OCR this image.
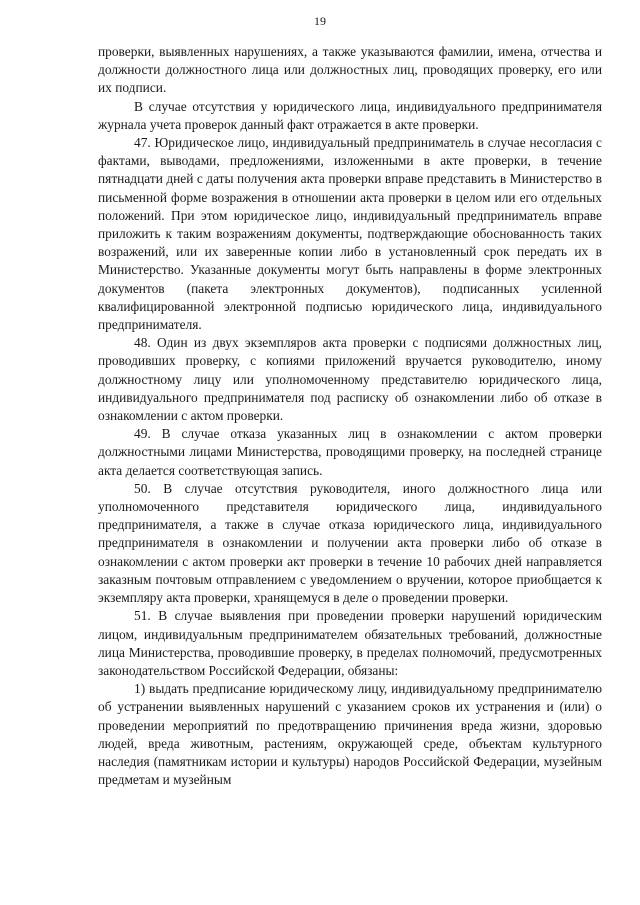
19

проверки, выявленных нарушениях, а также указываются фамилии, имена, отчества и должности должностного лица или должностных лиц, проводящих проверку, его или их подписи.

В случае отсутствия у юридического лица, индивидуального предпринимателя журнала учета проверок данный факт отражается в акте проверки.

47. Юридическое лицо, индивидуальный предприниматель в случае несогласия с фактами, выводами, предложениями, изложенными в акте проверки, в течение пятнадцати дней с даты получения акта проверки вправе представить в Министерство в письменной форме возражения в отношении акта проверки в целом или его отдельных положений. При этом юридическое лицо, индивидуальный предприниматель вправе приложить к таким возражениям документы, подтверждающие обоснованность таких возражений, или их заверенные копии либо в установленный срок передать их в Министерство. Указанные документы могут быть направлены в форме электронных документов (пакета электронных документов), подписанных усиленной квалифицированной электронной подписью юридического лица, индивидуального предпринимателя.

48. Один из двух экземпляров акта проверки с подписями должностных лиц, проводивших проверку, с копиями приложений вручается руководителю, иному должностному лицу или уполномоченному представителю юридического лица, индивидуального предпринимателя под расписку об ознакомлении либо об отказе в ознакомлении с актом проверки.

49. В случае отказа указанных лиц в ознакомлении с актом проверки должностными лицами Министерства, проводящими проверку, на последней странице акта делается соответствующая запись.

50. В случае отсутствия руководителя, иного должностного лица или уполномоченного представителя юридического лица, индивидуального предпринимателя, а также в случае отказа юридического лица, индивидуального предпринимателя в ознакомлении и получении акта проверки либо об отказе в ознакомлении с актом проверки акт проверки в течение 10 рабочих дней направляется заказным почтовым отправлением с уведомлением о вручении, которое приобщается к экземпляру акта проверки, хранящемуся в деле о проведении проверки.

51. В случае выявления при проведении проверки нарушений юридическим лицом, индивидуальным предпринимателем обязательных требований, должностные лица Министерства, проводившие проверку, в пределах полномочий, предусмотренных законодательством Российской Федерации, обязаны:

1) выдать предписание юридическому лицу, индивидуальному предпринимателю об устранении выявленных нарушений с указанием сроков их устранения и (или) о проведении мероприятий по предотвращению причинения вреда жизни, здоровью людей, вреда животным, растениям, окружающей среде, объектам культурного наследия (памятникам истории и культуры) народов Российской Федерации, музейным предметам и музейным
